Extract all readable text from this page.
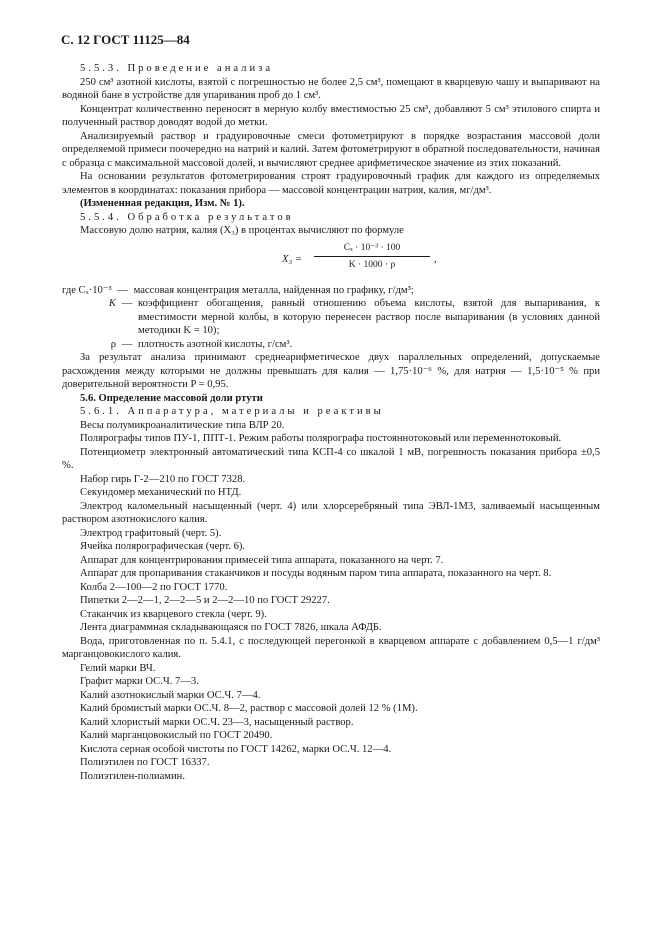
С. 12 ГОСТ 11125—84

5.5.3. Проведение анализа

250 см³ азотной кислоты, взятой с погрешностью не более 2,5 см³, помещают в кварцевую чашу и выпаривают на водяной бане в устройстве для упаривания проб до 1 см³.

Концентрат количественно переносят в мерную колбу вместимостью 25 см³, добавляют 5 см³ этилового спирта и полученный раствор доводят водой до метки.

Анализируемый раствор и градуировочные смеси фотометрируют в порядке возрастания массовой доли определяемой примеси поочередно на натрий и калий. Затем фотометрируют в обратной последовательности, начиная с образца с максимальной массовой долей, и вычисляют среднее арифметическое значение из этих показаний.

На основании результатов фотометрирования строят градуировочный график для каждого из определяемых элементов в координатах: показания прибора — массовой концентрации натрия, калия, мг/дм³.

(Измененная редакция, Изм. № 1).

5.5.4. Обработка результатов

Массовую долю натрия, калия (X₃) в процентах вычисляют по формуле

$X_3 = \frac{\text{Cₓ · 10⁻³ · 100}}{K \cdot 1000 \cdot \rho}$ ,
где Cₓ·10⁻³ — массовая концентрация металла, найденная по графику, г/дм³;
K — коэффициент обогащения, равный отношению объема кислоты, взятой для выпаривания, к вместимости мерной колбы, в которую перенесен раствор после выпаривания (в условиях данной методики K = 10);
ρ — плотность азотной кислоты, г/см³.

За результат анализа принимают среднеарифметическое двух параллельных определений, допускаемые расхождения между которыми не должны превышать для калия — 1,75·10⁻⁶ %, для натрия — 1,5·10⁻⁵ % при доверительной вероятности P = 0,95.

5.6. Определение массовой доли ртути

5.6.1. Аппаратура, материалы и реактивы

Весы полумикроаналитические типа ВЛР 20.

Полярографы типов ПУ-1, ППТ-1. Режим работы полярографа постояннотоковый или переменнотоковый.

Потенциометр электронный автоматический типа КСП-4 со шкалой 1 мВ, погрешность показания прибора ±0,5 %.

Набор гирь Г-2—210 по ГОСТ 7328.

Секундомер механический по НТД.

Электрод каломельный насыщенный (черт. 4) или хлорсеребряный типа ЭВЛ-1М3, заливаемый насыщенным раствором азотнокислого калия.

Электрод графитовый (черт. 5).

Ячейка полярографическая (черт. 6).

Аппарат для концентрирования примесей типа аппарата, показанного на черт. 7.

Аппарат для пропаривания стаканчиков и посуды водяным паром типа аппарата, показанного на черт. 8.

Колба 2—100—2 по ГОСТ 1770.

Пипетки 2—2—1, 2—2—5 и 2—2—10 по ГОСТ 29227.

Стаканчик из кварцевого стекла (черт. 9).

Лента диаграммная складывающаяся по ГОСТ 7826, шкала АФДБ.

Вода, приготовленная по п. 5.4.1, с последующей перегонкой в кварцевом аппарате с добавлением 0,5—1 г/дм³ марганцовокислого калия.

Гелий марки ВЧ.

Графит марки ОС.Ч. 7—3.

Калий азотнокислый марки ОС.Ч. 7—4.

Калий бромистый марки ОС.Ч. 8—2, раствор с массовой долей 12 % (1М).

Калий хлористый марки ОС.Ч. 23—3, насыщенный раствор.

Калий марганцовокислый по ГОСТ 20490.

Кислота серная особой чистоты по ГОСТ 14262, марки ОС.Ч. 12—4.

Полиэтилен по ГОСТ 16337.

Полиэтилен-полиамин.
